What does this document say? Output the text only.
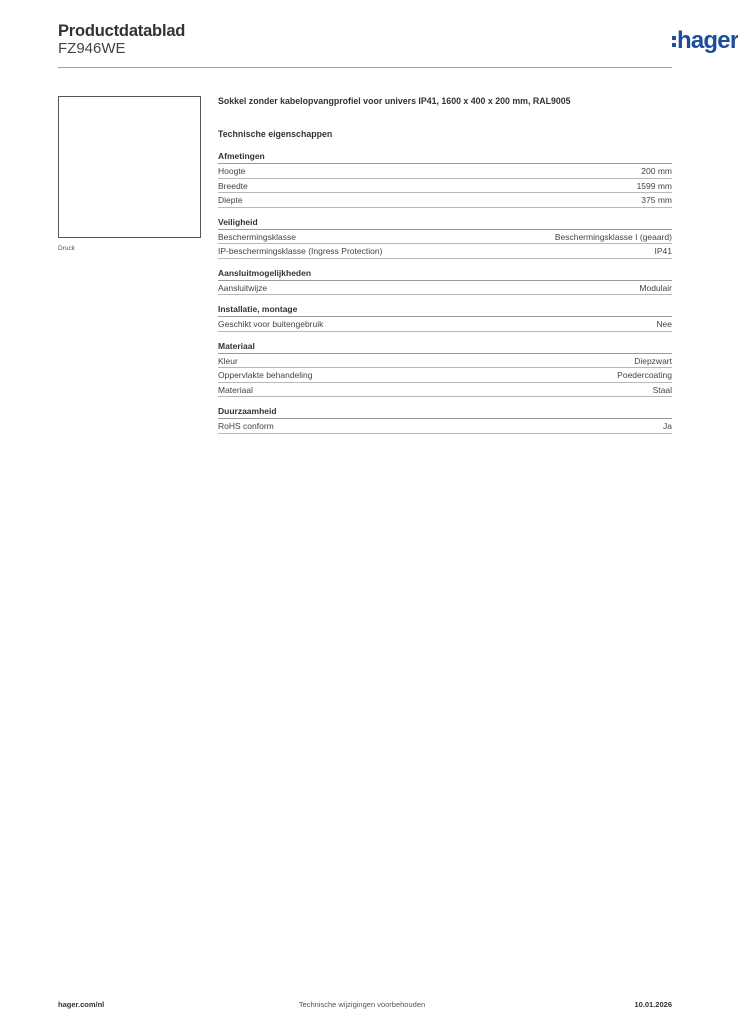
Productdatablad
FZ946WE	hager
Druck
Sokkel zonder kabelopvangprofiel voor univers IP41, 1600 x 400 x 200 mm, RAL9005
Technische eigenschappen
Afmetingen
Hoogte	200 mm
Breedte	1599 mm
Diepte	375 mm
Veiligheid
Beschermingsklasse	Beschermingsklasse I (geaard)
IP-beschermingsklasse (Ingress Protection)	IP41
Aansluitmogelijkheden
Aansluitwijze	Modulair
Installatie, montage
Geschikt voor buitengebruik	Nee
Materiaal
Kleur	Diepzwart
Oppervlakte behandeling	Poedercoating
Materiaal	Staal
Duurzaamheid
RoHS conform	Ja
hager.com/nl	Technische wijzigingen voorbehouden	10.01.2026
